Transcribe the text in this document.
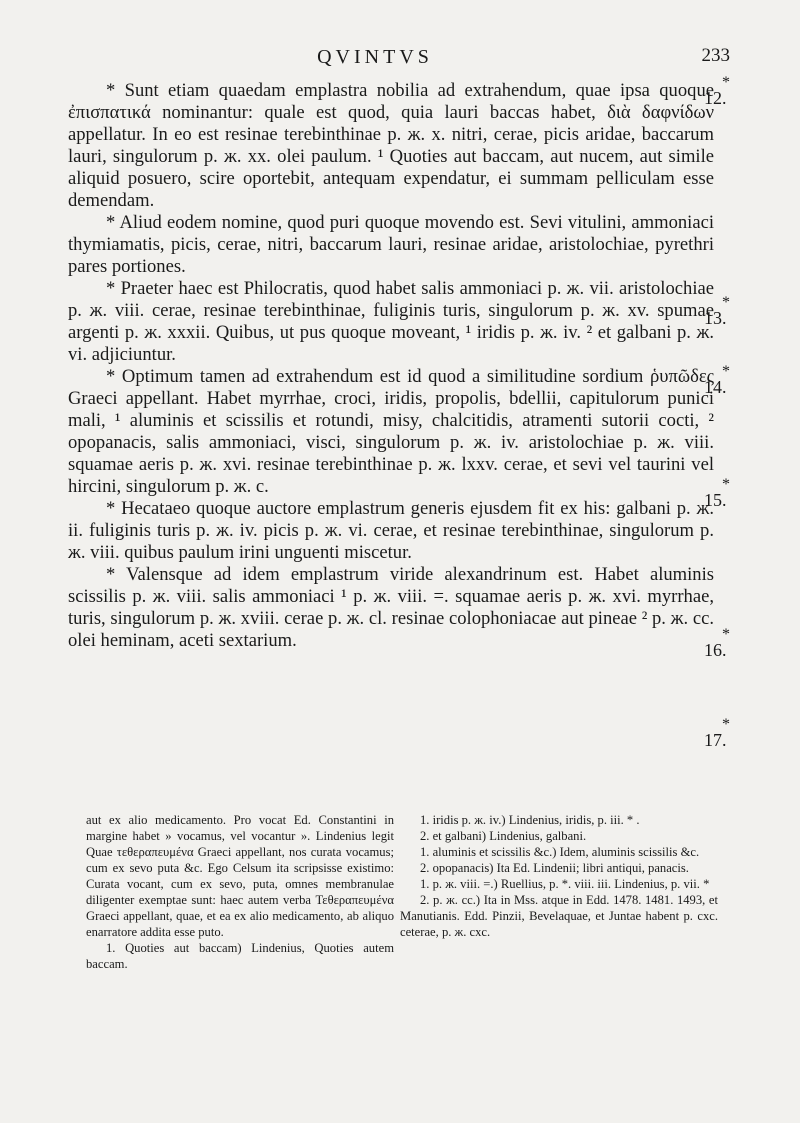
QVINTVS	233
*
12.
*
13.
*
14.
*
15.
*
16.
*
17.

* Sunt etiam quaedam emplastra nobilia ad extrahendum, quae ipsa quoque ἐπισπατικά nominantur: quale est quod, quia lauri baccas habet, διὰ δαφνίδων appellatur. In eo est resinae terebinthinae p. ж. x. nitri, cerae, picis aridae, baccarum lauri, singulorum p. ж. xx. olei paulum. ¹ Quoties aut baccam, aut nucem, aut simile aliquid posuero, scire oportebit, antequam expendatur, ei summam pelliculam esse demendam.

* Aliud eodem nomine, quod puri quoque movendo est. Sevi vitulini, ammoniaci thymiamatis, picis, cerae, nitri, baccarum lauri, resinae aridae, aristolochiae, pyrethri pares portiones.

* Praeter haec est Philocratis, quod habet salis ammoniaci p. ж. vii. aristolochiae p. ж. viii. cerae, resinae terebinthinae, fuliginis turis, singulorum p. ж. xv. spumae argenti p. ж. xxxii. Quibus, ut pus quoque moveant, ¹ iridis p. ж. iv. ² et galbani p. ж. vi. adjiciuntur.

* Optimum tamen ad extrahendum est id quod a similitudine sordium ῥυπῶδες Graeci appellant. Habet myrrhae, croci, iridis, propolis, bdellii, capitulorum punici mali, ¹ aluminis et scissilis et rotundi, misy, chalcitidis, atramenti sutorii cocti, ² opopanacis, salis ammoniaci, visci, singulorum p. ж. iv. aristolochiae p. ж. viii. squamae aeris p. ж. xvi. resinae terebinthinae p. ж. lxxv. cerae, et sevi vel taurini vel hircini, singulorum p. ж. c.

* Hecataeo quoque auctore emplastrum generis ejusdem fit ex his: galbani p. ж. ii. fuliginis turis p. ж. iv. picis p. ж. vi. cerae, et resinae terebinthinae, singulorum p. ж. viii. quibus paulum irini unguenti miscetur.

* Valensque ad idem emplastrum viride alexandrinum est. Habet aluminis scissilis p. ж. viii. salis ammoniaci ¹ p. ж. viii. =. squamae aeris p. ж. xvi. myrrhae, turis, singulorum p. ж. xviii. cerae p. ж. cl. resinae colophoniacae aut pineae ² p. ж. cc. olei heminam, aceti sextarium.

aut ex alio medicamento. Pro vocat Ed. Constantini in margine habet » vocamus, vel vocantur ». Lindenius legit Quae τεθεραπευμένα Graeci appellant, nos curata vocamus; cum ex sevo puta &c. Ego Celsum ita scripsisse existimo: Curata vocant, cum ex sevo, puta, omnes membranulae diligenter exemptae sunt: haec autem verba Τεθεραπευμένα Graeci appellant, quae, et ea ex alio medicamento, ab aliquo enarratore addita esse puto.

1. Quoties aut baccam) Lindenius, Quoties autem baccam.

1. iridis p. ж. iv.) Lindenius, iridis, p. iii. * .

2. et galbani) Lindenius, galbani.

1. aluminis et scissilis &c.) Idem, aluminis scissilis &c.

2. opopanacis) Ita Ed. Lindenii; libri antiqui, panacis.

1. p. ж. viii. =.) Ruellius, p. *. viii. iii. Lindenius, p. vii. *

2. p. ж. cc.) Ita in Mss. atque in Edd. 1478. 1481. 1493, et Manutianis. Edd. Pinzii, Bevelaquae, et Juntae habent p. cxc. ceterae, p. ж. cxc.
